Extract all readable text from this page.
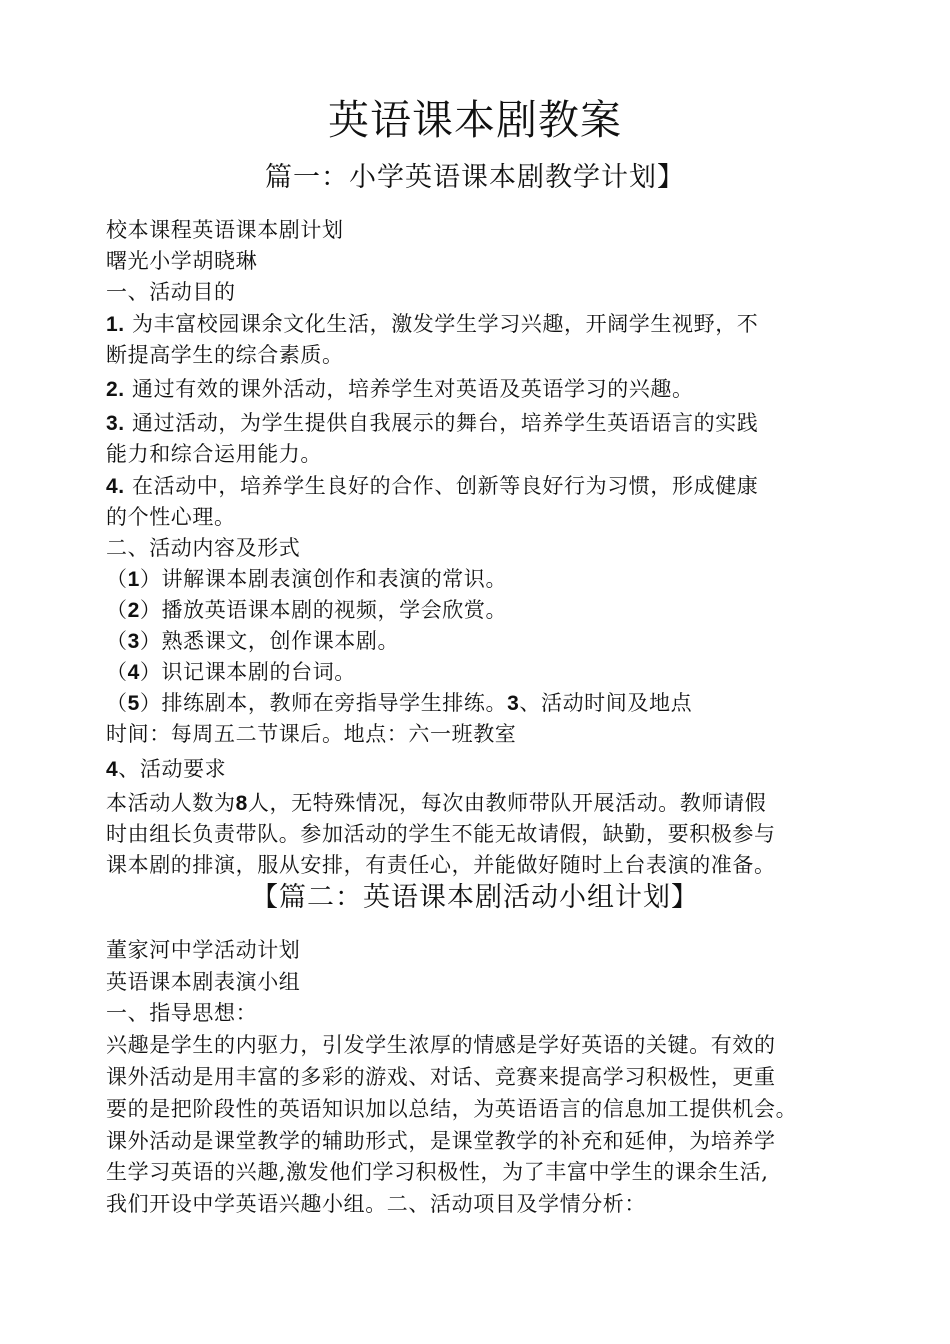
英语课本剧教案
篇一：小学英语课本剧教学计划】
校本课程英语课本剧计划
曙光小学胡晓琳
一、活动目的
1. 为丰富校园课余文化生活，激发学生学习兴趣，开阔学生视野，不
断提高学生的综合素质。
2. 通过有效的课外活动，培养学生对英语及英语学习的兴趣。
3. 通过活动，为学生提供自我展示的舞台，培养学生英语语言的实践
能力和综合运用能力。
4. 在活动中，培养学生良好的合作、创新等良好行为习惯，形成健康
的个性心理。
二、活动内容及形式
（1）讲解课本剧表演创作和表演的常识。
（2）播放英语课本剧的视频，学会欣赏。
（3）熟悉课文，创作课本剧。
（4）识记课本剧的台词。
（5）排练剧本，教师在旁指导学生排练。3、活动时间及地点
时间：每周五二节课后。地点：六一班教室
4、活动要求
本活动人数为8人，无特殊情况，每次由教师带队开展活动。教师请假
时由组长负责带队。参加活动的学生不能无故请假，缺勤，要积极参与
课本剧的排演，服从安排，有责任心，并能做好随时上台表演的准备。
【篇二：英语课本剧活动小组计划】
董家河中学活动计划
英语课本剧表演小组
一、指导思想：
兴趣是学生的内驱力，引发学生浓厚的情感是学好英语的关键。有效的
课外活动是用丰富的多彩的游戏、对话、竞赛来提高学习积极性，更重
要的是把阶段性的英语知识加以总结，为英语语言的信息加工提供机会。
课外活动是课堂教学的辅助形式，是课堂教学的补充和延伸，为培养学
生学习英语的兴趣,激发他们学习积极性，为了丰富中学生的课余生活,
我们开设中学英语兴趣小组。二、活动项目及学情分析：
